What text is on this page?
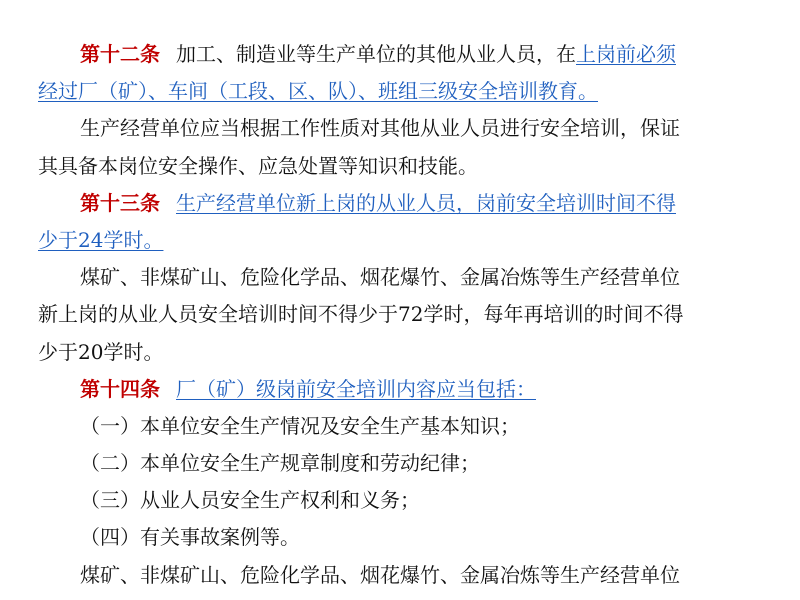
第十二条 加工、制造业等生产单位的其他从业人员，在上岗前必须
经过厂（矿）、车间（工段、区、队）、班组三级安全培训教育。
生产经营单位应当根据工作性质对其他从业人员进行安全培训，保证
其具备本岗位安全操作、应急处置等知识和技能。
第十三条 生产经营单位新上岗的从业人员，岗前安全培训时间不得
少于24学时。
煤矿、非煤矿山、危险化学品、烟花爆竹、金属冶炼等生产经营单位
新上岗的从业人员安全培训时间不得少于72学时，每年再培训的时间不得
少于20学时。
第十四条 厂（矿）级岗前安全培训内容应当包括：
（一）本单位安全生产情况及安全生产基本知识；
（二）本单位安全生产规章制度和劳动纪律；
（三）从业人员安全生产权利和义务；
（四）有关事故案例等。
煤矿、非煤矿山、危险化学品、烟花爆竹、金属冶炼等生产经营单位
